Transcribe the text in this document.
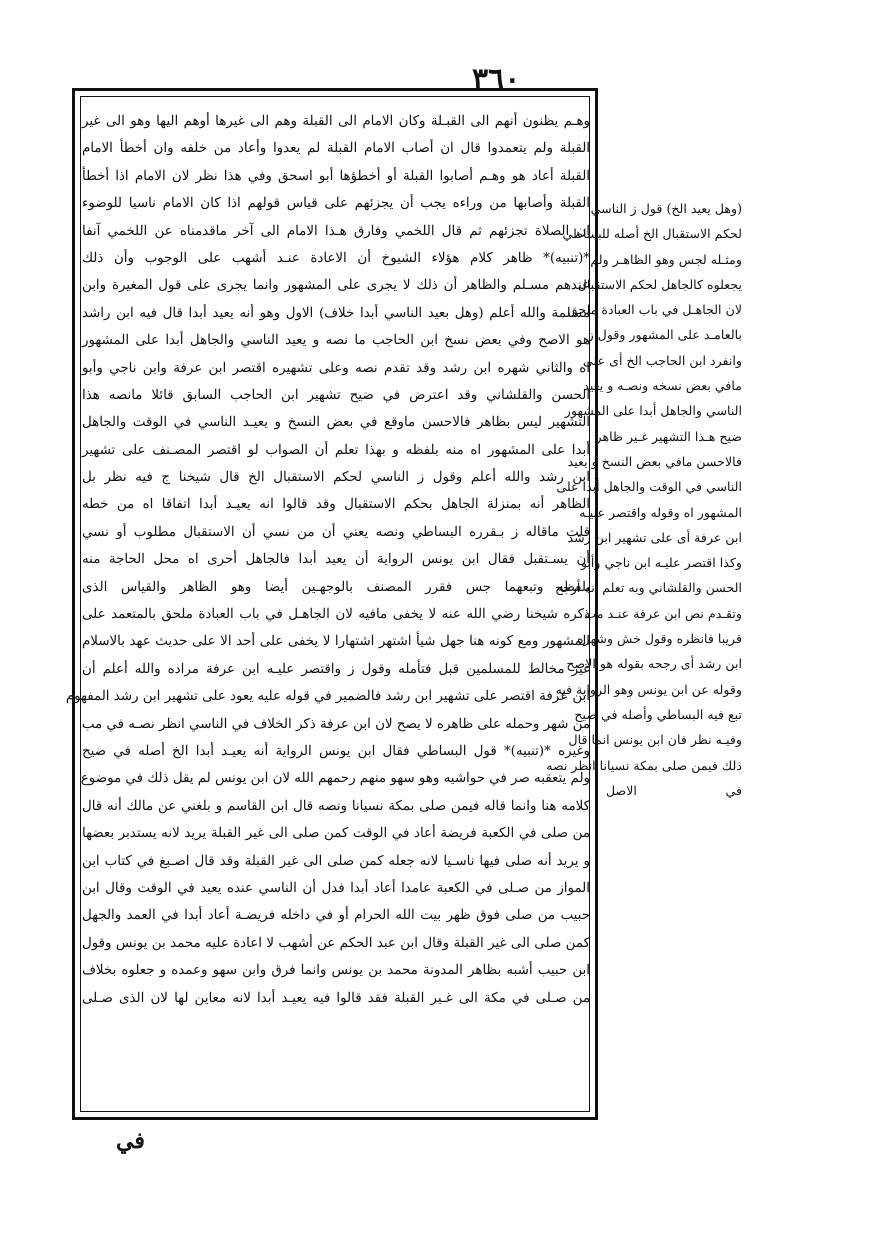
٣٦٠
وهـم يظنون أنهم الى القبـلة وكان الامام الى القبلة وهم الى غيرها أوهم اليها وهو الى غير
القبلة ولم يتعمدوا قال ان أصاب الامام القبلة لم يعدوا وأعاد من خلفه وان أخطأ الامام
القبلة أعاد هو وهـم أصابوا القبلة أو أخطؤها أبو اسحق وفي هذا نظر لان الامام اذا أخطأ
القبلة وأصابها من وراءه يجب أن يجزئهم على قياس قولهم اذا كان الامام ناسيا للوضوء
ان الصلاة تجزئهم ثم قال اللخمي وفارق هـذا الامام الى آخر ماقدمناه عن اللخمي آنفا
*(تنبيه)* ظاهر كلام هؤلاء الشيوخ أن الاعادة عنـد أشهب على الوجوب وأن ذلك
عندهم مسـلم والظاهر أن ذلك لا يجرى على المشهور وانما يجرى على قول المغيرة وابن
مسلمة والله أعلم (وهل بعيد الناسي أبدا خلاف) الاول وهو أنه يعيد أبدا قال فيه ابن راشد
هو الاصح وفي بعض نسخ ابن الحاجب ما نصه و يعيد الناسي والجاهل أبدا على المشهور
اه والثاني شهره ابن رشد وقد تقدم نصه وعلى تشهيره اقتصر ابن عرفة وابن ناجي وأبو
الحسن والقلشاني وقد اعترض في ضيح تشهير ابن الحاجب السابق قائلا مانصه هذا
التشهير ليس بظاهر فالاحسن ماوقع في بعض النسخ و يعيـد الناسي في الوقت والجاهل
أبدا على المشهور اه منه بلفظه و بهذا تعلم أن الصواب لو اقتصر المصـنف على تشهير
ابن رشد والله أعلم وقول ز الناسي لحكم الاستقبال الخ قال شيخنا ج فيه نظر بل
الظاهر أنه بمنزلة الجاهل بحكم الاستقبال وقد قالوا انه يعيـد أبدا اتفاقا اه من خطه
قلت ماقاله ز بـقرره البساطي ونصه يعني أن من نسي أن الاستقبال مطلوب أو نسي
أن يسـتقبل فقال ابن يونس الرواية أن يعيد أبدا فالجاهل أحرى اه محل الحاجة منه
بلفظه وتبعهما جس فقرر المصنف بالوجهـين أيضا وهو الظاهر والقياس الذى
ذكره شيخنا رضي الله عنه لا يخفى مافيه لان الجاهـل في باب العبادة ملحق بالمتعمد على
المشهور ومع كونه هنا جهل شيأ اشتهر اشتهارا لا يخفى على أحد الا على حديث عهد بالاسلام
غير مخالط للمسلمين قبل فتأمله وقول ز واقتصر عليـه ابن عرفة مراده والله أعلم أن
ابن عرفة اقتصر على تشهير ابن رشد فالضمير في قوله عليه يعود على تشهير ابن رشد المفهوم
من شهر وحمله على ظاهره لا يصح لان ابن عرفة ذكر الخلاف في الناسي انظر نصـه في مب
وغيره *(تنبيه)* قول البساطي فقال ابن يونس الرواية أنه يعيـد أبدا الخ أصله في ضيح
ولم يتعقبه صر في حواشيه وهو سهو منهم رحمهم الله لان ابن يونس لم يقل ذلك في موضوع
كلامه هنا وانما قاله فيمن صلى بمكة نسيانا ونصه قال ابن القاسم و بلغني عن مالك أنه قال
من صلى في الكعبة فريضة أعاد في الوقت كمن صلى الى غير القبلة يريد لانه يستدبر بعضها
و يريد أنه صلى فيها ناسـيا لانه جعله كمن صلى الى غير القبلة وقد قال اصـبغ في كتاب ابن
المواز من صـلى في الكعبة عامدا أعاد أبدا فدل أن الناسي عنده يعيد في الوقت وقال ابن
حبيب من صلى فوق ظهر بيت الله الحرام أو في داخله فريضـة أعاد أبدا في العمد والجهل
كمن صلى الى غير القبلة وقال ابن عبد الحكم عن أشهب لا اعادة عليه محمد بن يونس وقول
ابن حبيب أشبه بظاهر المدونة محمد بن يونس وانما فرق وابن سهو وعمده و جعلوه بخلاف
من صـلى في مكة الى غـير القبلة فقد قالوا فيه يعيـد أبدا لانه معاين لها لان الذى صـلى
(وهل يعيد الخ) قول ز الناسي
لحكم الاستقبال الخ أصله للبساطي
ومثـله لجس وهو الظاهـر ولم
يجعلوه كالجاهل لحكم الاستقبال
لان الجاهـل في باب العبادة ملحق
بالعامـد على المشهور وقول ز
وانفرد ابن الحاجب الخ أى على
مافي بعض نسخه ونصـه و يعيد
الناسي والجاهل أبدا على المشهور
ضيح هـذا التشهير غـير ظاهر
فالاحسن مافي بعض النسخ و يعيد
الناسي في الوقت والجاهل أبدا على
المشهور اه وقوله واقتصر عليـه
ابن عرفة أى على تشهير ابن رشد
وكذا اقتصر عليـه ابن ناجي وأبو
الحسن والقلشاني وبه تعلم أنه أرجح
وتقـدم نص ابن عرفة عنـد مب
قريبا فانظره وقول خش وشهره
ابن رشد أى رجحه بقوله هو الاصح
وقوله عن ابن يونس وهو الرواية فيه
تبع فيه البساطي وأصله في ضيح
وفيـه نظر فان ابن يونس انما قال
ذلك فيمن صلى بمكة نسيانا انظر نصه
في الاصل
في
